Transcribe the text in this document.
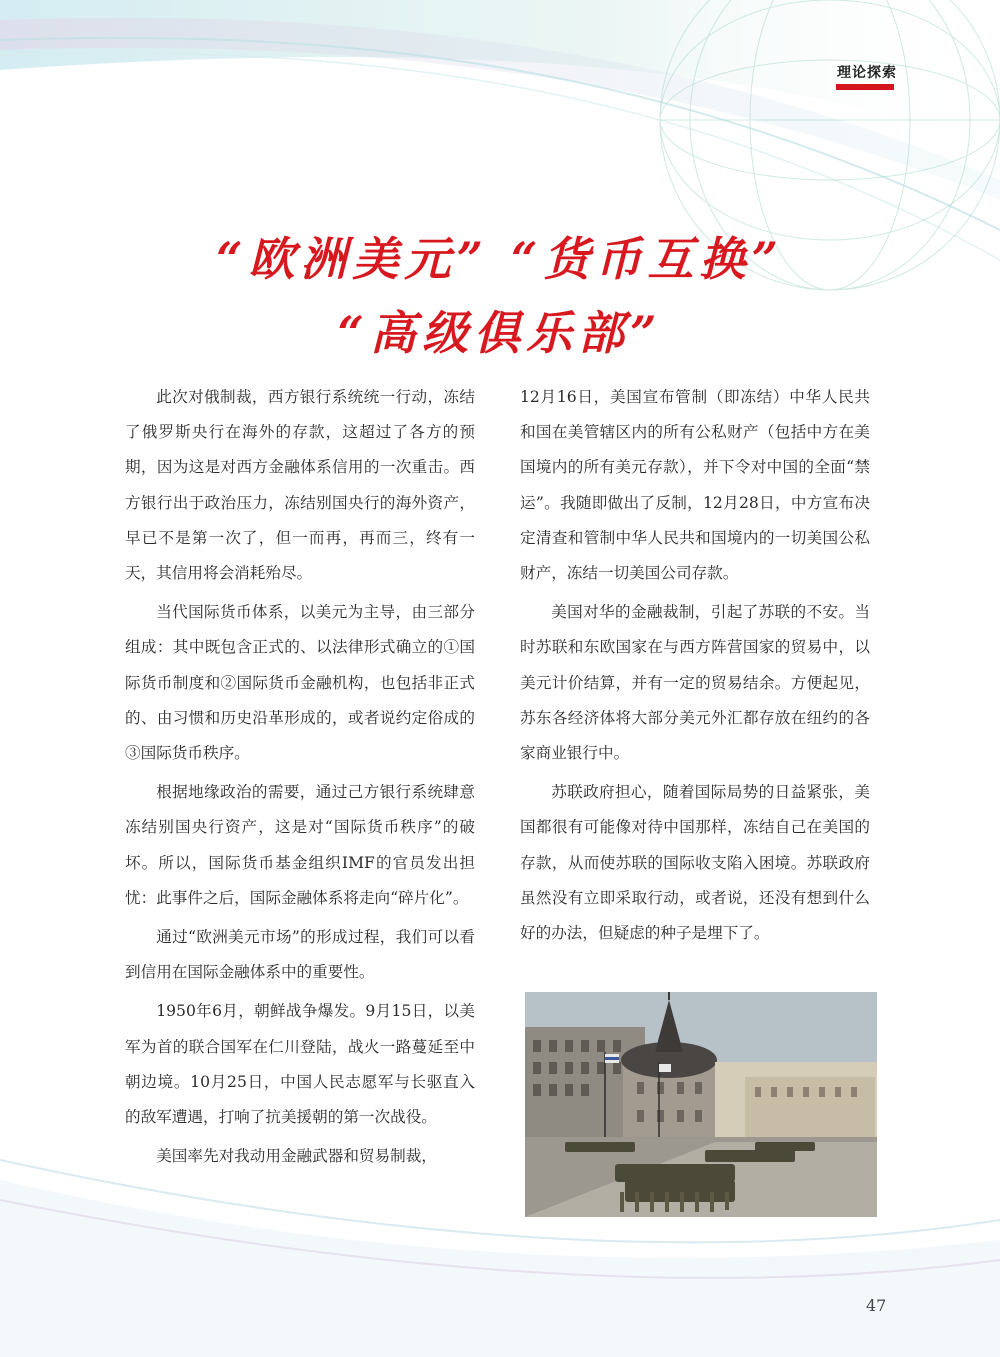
理论探索
“欧洲美元” “货币互换”
“高级俱乐部”

此次对俄制裁，西方银行系统统一行动，冻结了俄罗斯央行在海外的存款，这超过了各方的预期，因为这是对西方金融体系信用的一次重击。西方银行出于政治压力，冻结别国央行的海外资产，早已不是第一次了，但一而再，再而三，终有一天，其信用将会消耗殆尽。

当代国际货币体系，以美元为主导，由三部分组成：其中既包含正式的、以法律形式确立的①国际货币制度和②国际货币金融机构，也包括非正式的、由习惯和历史沿革形成的，或者说约定俗成的③国际货币秩序。

根据地缘政治的需要，通过己方银行系统肆意冻结别国央行资产，这是对“国际货币秩序”的破坏。所以，国际货币基金组织IMF的官员发出担忧：此事件之后，国际金融体系将走向“碎片化”。

通过“欧洲美元市场”的形成过程，我们可以看到信用在国际金融体系中的重要性。

1950年6月，朝鲜战争爆发。9月15日，以美军为首的联合国军在仁川登陆，战火一路蔓延至中朝边境。10月25日，中国人民志愿军与长驱直入的敌军遭遇，打响了抗美援朝的第一次战役。

美国率先对我动用金融武器和贸易制裁，

12月16日，美国宣布管制（即冻结）中华人民共和国在美管辖区内的所有公私财产（包括中方在美国境内的所有美元存款），并下令对中国的全面“禁运”。我随即做出了反制，12月28日，中方宣布决定清查和管制中华人民共和国境内的一切美国公私财产，冻结一切美国公司存款。

美国对华的金融裁制，引起了苏联的不安。当时苏联和东欧国家在与西方阵营国家的贸易中，以美元计价结算，并有一定的贸易结余。方便起见，苏东各经济体将大部分美元外汇都存放在纽约的各家商业银行中。

苏联政府担心，随着国际局势的日益紧张，美国都很有可能像对待中国那样，冻结自己在美国的存款，从而使苏联的国际收支陷入困境。苏联政府虽然没有立即采取行动，或者说，还没有想到什么好的办法，但疑虑的种子是埋下了。

47
